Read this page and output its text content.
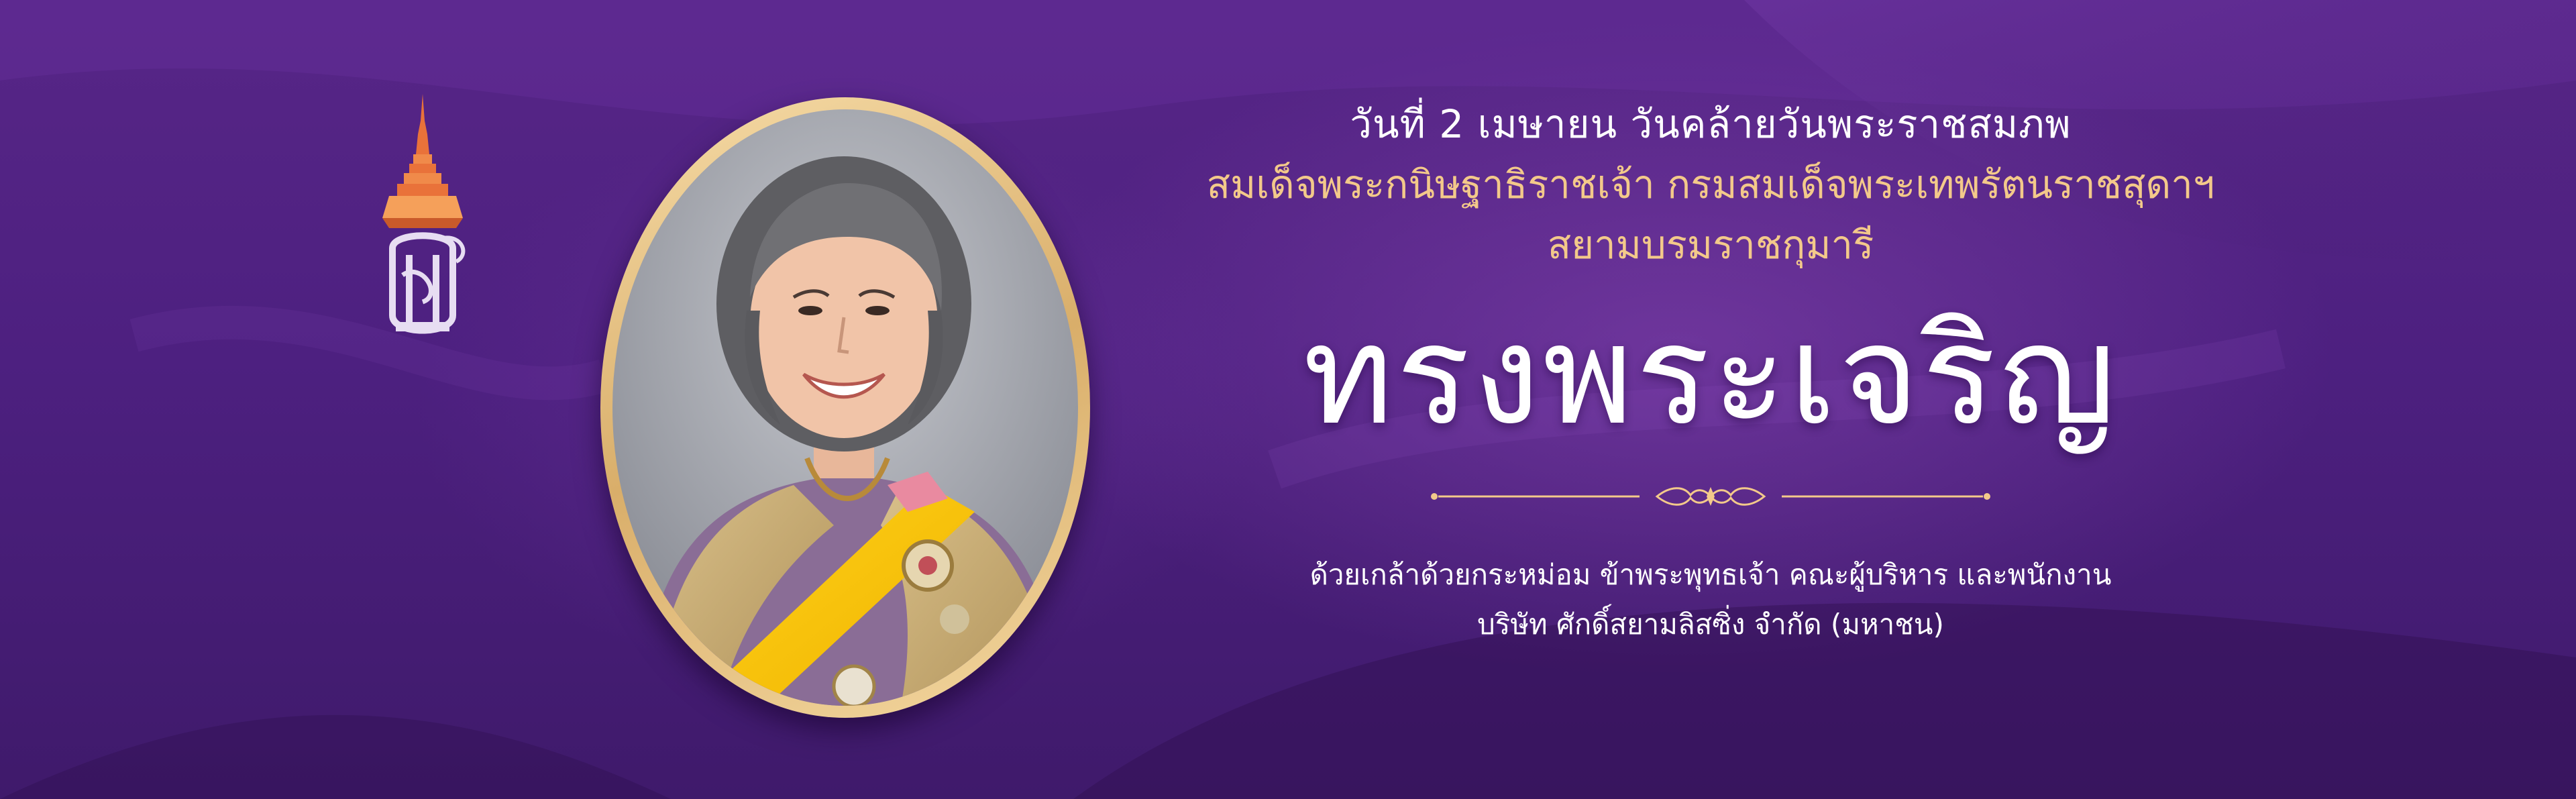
วันที่ 2 เมษายน วันคล้ายวันพระราชสมภพ
สมเด็จพระกนิษฐาธิราชเจ้า กรมสมเด็จพระเทพรัตนราชสุดาฯ
สยามบรมราชกุมารี
ทรงพระเจริญ
ด้วยเกล้าด้วยกระหม่อม ข้าพระพุทธเจ้า คณะผู้บริหาร และพนักงาน
บริษัท ศักดิ์สยามลิสซิ่ง จำกัด (มหาชน)
